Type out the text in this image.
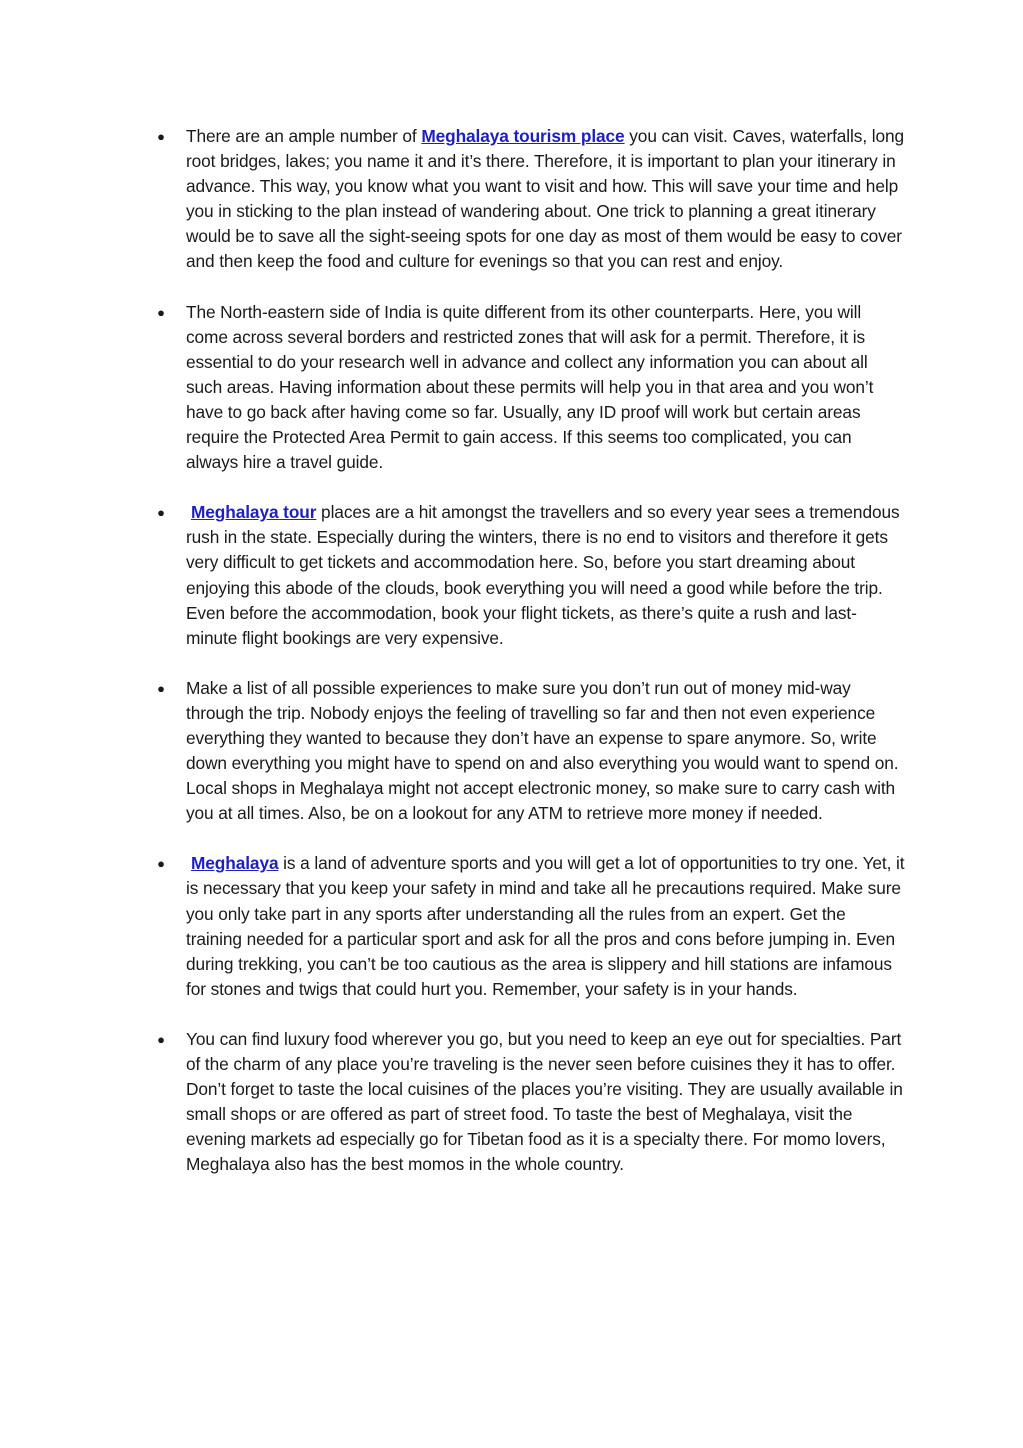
● There are an ample number of Meghalaya tourism place you can visit. Caves, waterfalls, long root bridges, lakes; you name it and it’s there. Therefore, it is important to plan your itinerary in advance. This way, you know what you want to visit and how. This will save your time and help you in sticking to the plan instead of wandering about. One trick to planning a great itinerary would be to save all the sight-seeing spots for one day as most of them would be easy to cover and then keep the food and culture for evenings so that you can rest and enjoy.
● The North-eastern side of India is quite different from its other counterparts. Here, you will come across several borders and restricted zones that will ask for a permit. Therefore, it is essential to do your research well in advance and collect any information you can about all such areas. Having information about these permits will help you in that area and you won’t have to go back after having come so far. Usually, any ID proof will work but certain areas require the Protected Area Permit to gain access. If this seems too complicated, you can always hire a travel guide.
● Meghalaya tour places are a hit amongst the travellers and so every year sees a tremendous rush in the state. Especially during the winters, there is no end to visitors and therefore it gets very difficult to get tickets and accommodation here. So, before you start dreaming about enjoying this abode of the clouds, book everything you will need a good while before the trip. Even before the accommodation, book your flight tickets, as there’s quite a rush and last-minute flight bookings are very expensive.
● Make a list of all possible experiences to make sure you don’t run out of money mid-way through the trip. Nobody enjoys the feeling of travelling so far and then not even experience everything they wanted to because they don’t have an expense to spare anymore. So, write down everything you might have to spend on and also everything you would want to spend on. Local shops in Meghalaya might not accept electronic money, so make sure to carry cash with you at all times. Also, be on a lookout for any ATM to retrieve more money if needed.
● Meghalaya is a land of adventure sports and you will get a lot of opportunities to try one. Yet, it is necessary that you keep your safety in mind and take all he precautions required. Make sure you only take part in any sports after understanding all the rules from an expert. Get the training needed for a particular sport and ask for all the pros and cons before jumping in. Even during trekking, you can’t be too cautious as the area is slippery and hill stations are infamous for stones and twigs that could hurt you. Remember, your safety is in your hands.
● You can find luxury food wherever you go, but you need to keep an eye out for specialties. Part of the charm of any place you’re traveling is the never seen before cuisines they it has to offer. Don’t forget to taste the local cuisines of the places you’re visiting. They are usually available in small shops or are offered as part of street food. To taste the best of Meghalaya, visit the evening markets ad especially go for Tibetan food as it is a specialty there. For momo lovers, Meghalaya also has the best momos in the whole country.
